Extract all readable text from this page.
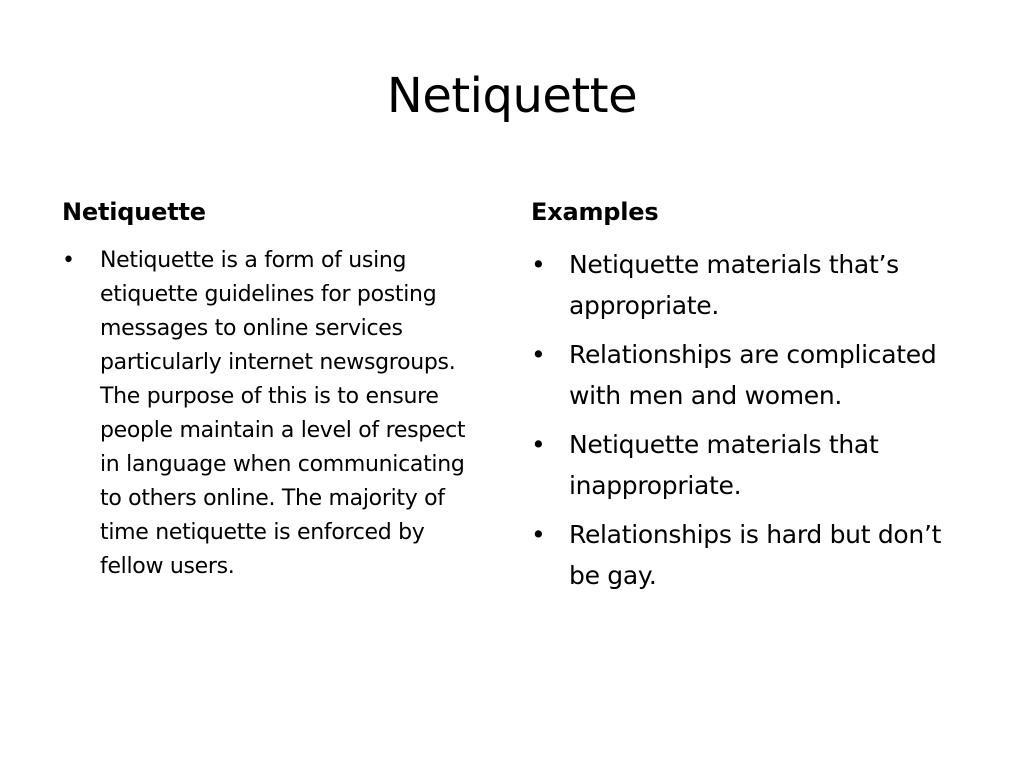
Netiquette
Netiquette
• Netiquette is a form of using etiquette guidelines for posting messages to online services particularly internet newsgroups. The purpose of this is to ensure people maintain a level of respect in language when communicating to others online. The majority of time netiquette is enforced by fellow users.
Examples
• Netiquette materials that’s appropriate.
• Relationships are complicated with men and women.
• Netiquette materials that inappropriate.
• Relationships is hard but don’t be gay.
